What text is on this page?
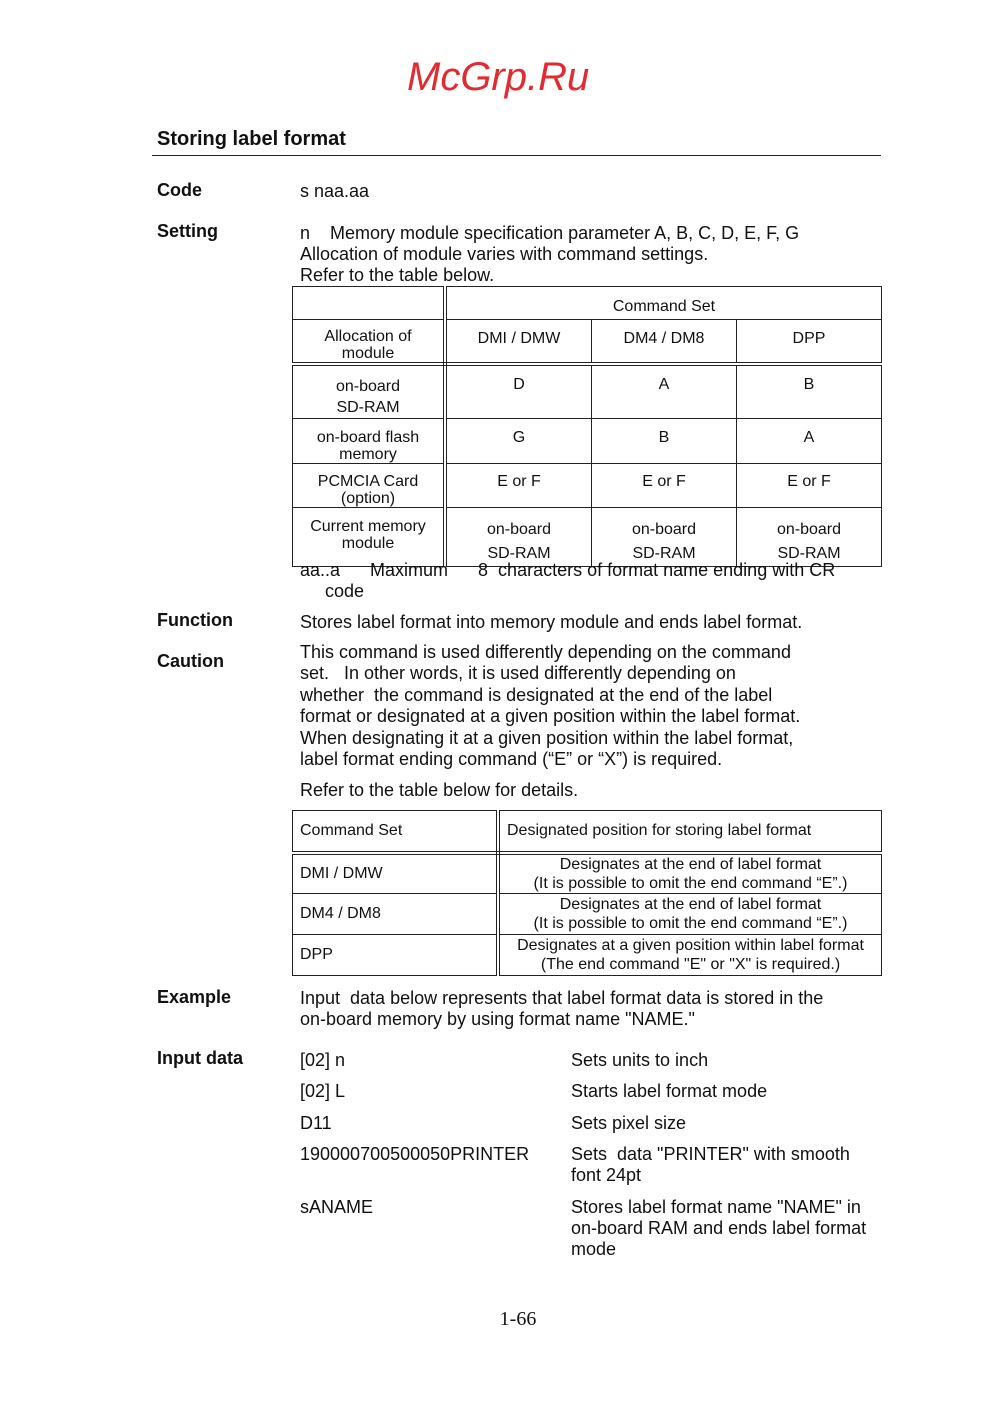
Storing label format
Code	s naa.aa
Setting	n    Memory module specification parameter A, B, C, D, E, F, G
Allocation of module varies with command settings.
Refer to the table below.
	Command Set		
Allocation of module	DMI / DMW	DM4 / DM8	DPP
on-board SD-RAM	D	A	B
on-board flash memory	G	B	A
PCMCIA Card (option)	E or F	E or F	E or F
Current memory module	on-board SD-RAM	on-board SD-RAM	on-board SD-RAM
aa..a      Maximum      8  characters of format name ending with CR
code
Function	Stores label format into memory module and ends label format.
Caution	This command is used differently depending on the command
set.   In other words, it is used differently depending on
whether  the command is designated at the end of the label
format or designated at a given position within the label format.
When designating it at a given position within the label format,
label format ending command (“E” or “X”) is required.
Refer to the table below for details.
Command Set	Designated position for storing label format
DMI / DMW	Designates at the end of label format
(It is possible to omit the end command “E”.)

DM4 / DM8	Designates at the end of label format
(It is possible to omit the end command “E”.)

DPP	Designates at a given position within label format
(The end command "E" or "X" is required.)
Example	Input  data below represents that label format data is stored in the
on-board memory by using format name "NAME."
Input data	[02] n	Sets units to inch
[02] L	Starts label format mode
D11	Sets pixel size
190000700500050PRINTER Sets  data "PRINTER" with smooth
font 24pt
sANAME	Stores label format name "NAME" in
on-board RAM and ends label format
mode
McGrp.Ru
1-66
